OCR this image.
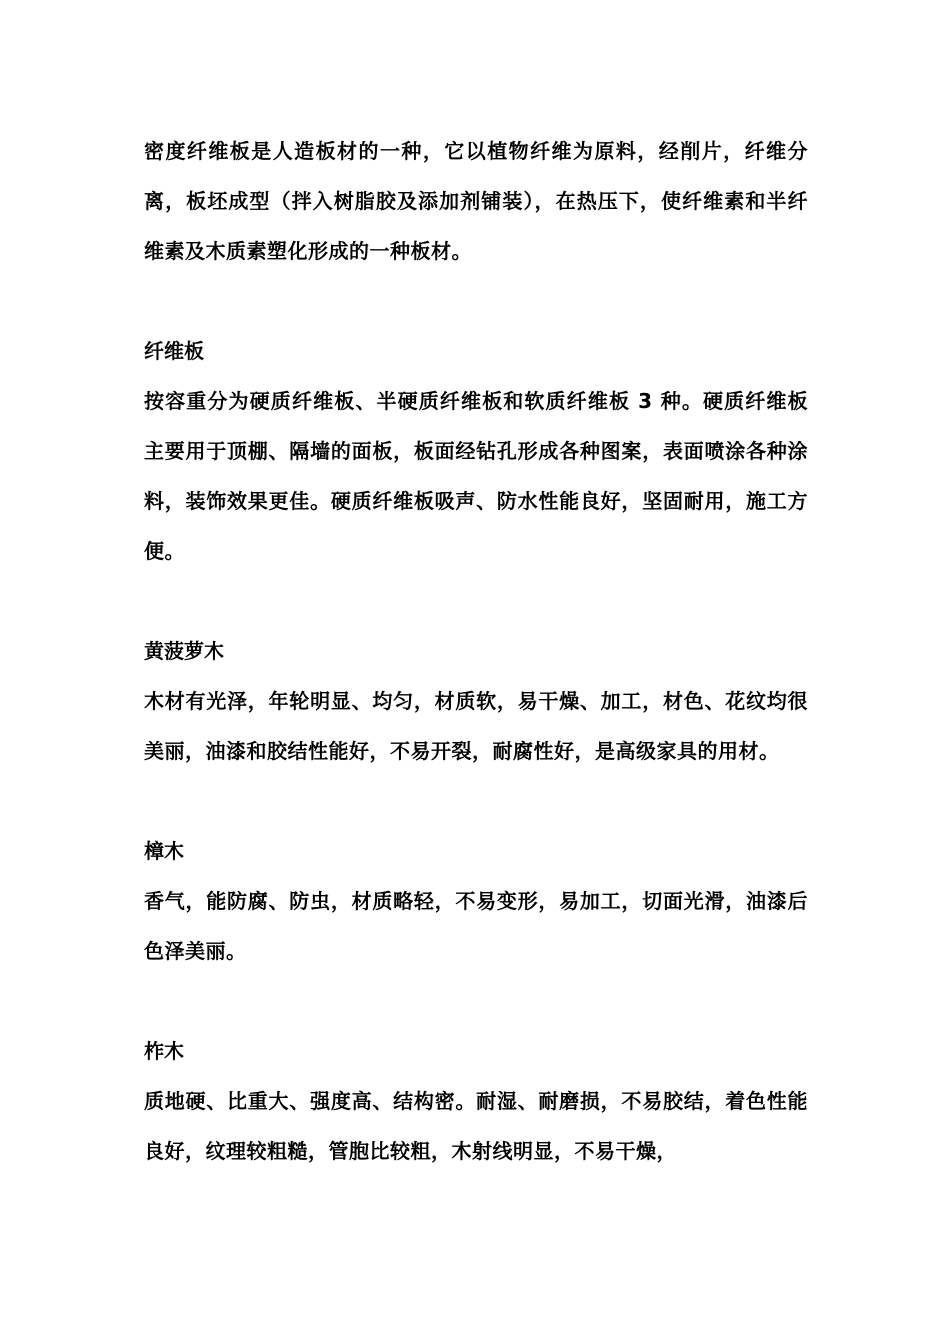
密度纤维板是人造板材的一种，它以植物纤维为原料，经削片，纤维分离，板坯成型（拌入树脂胶及添加剂铺装），在热压下，使纤维素和半纤维素及木质素塑化形成的一种板材。

纤维板

按容重分为硬质纤维板、半硬质纤维板和软质纤维板 3 种。硬质纤维板主要用于顶棚、隔墙的面板，板面经钻孔形成各种图案，表面喷涂各种涂料，装饰效果更佳。硬质纤维板吸声、防水性能良好，坚固耐用，施工方便。

黄菠萝木

木材有光泽，年轮明显、均匀，材质软，易干燥、加工，材色、花纹均很美丽，油漆和胶结性能好，不易开裂，耐腐性好，是高级家具的用材。

樟木

香气，能防腐、防虫，材质略轻，不易变形，易加工，切面光滑，油漆后色泽美丽。

柞木

质地硬、比重大、强度高、结构密。耐湿、耐磨损，不易胶结，着色性能良好，纹理较粗糙，管胞比较粗，木射线明显，不易干燥，
